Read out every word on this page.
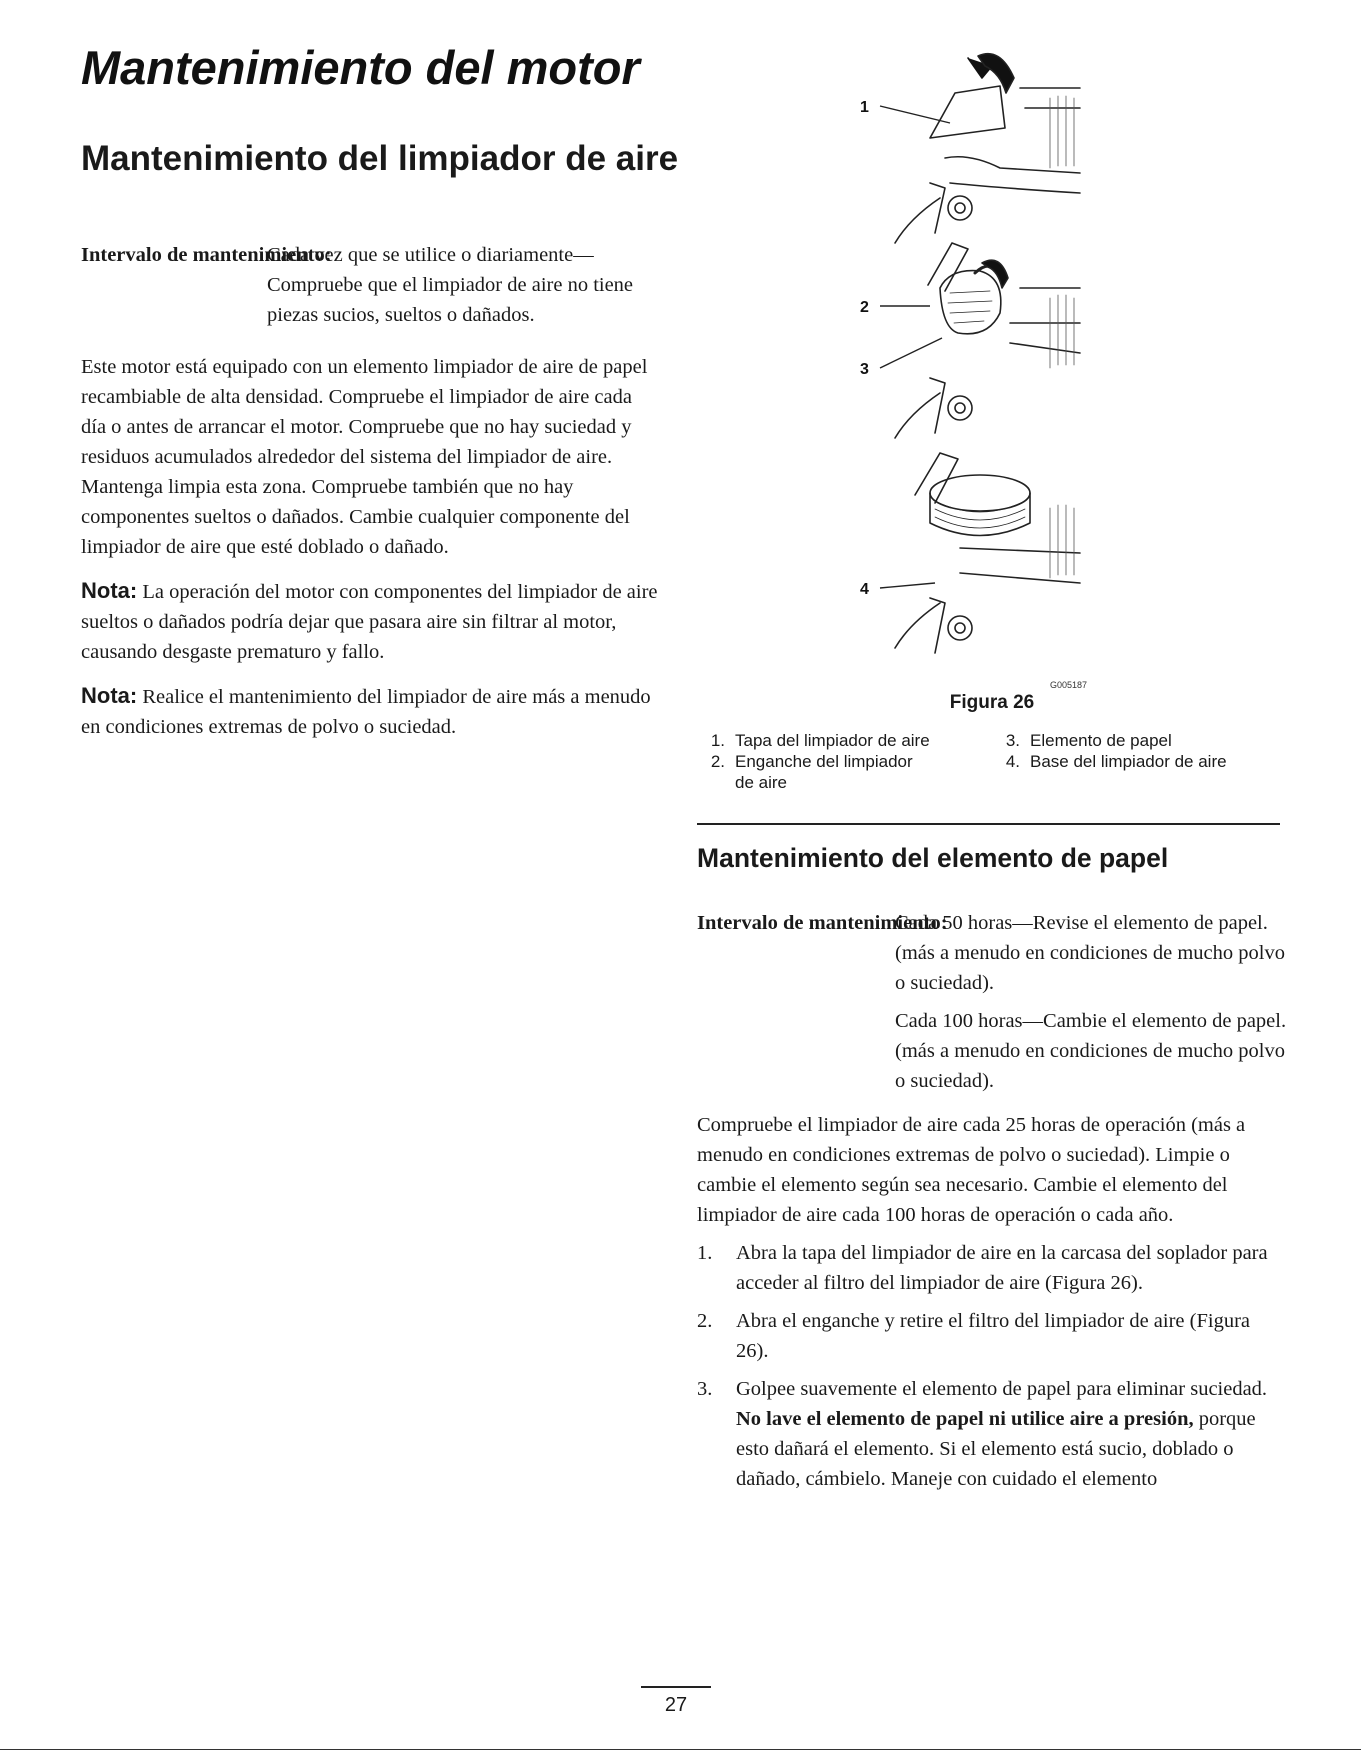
Mantenimiento del motor
Mantenimiento del limpiador de aire
Intervalo de mantenimiento:

Cada vez que se utilice o diariamente—Compruebe que el limpiador de aire no tiene piezas sucios, sueltos o dañados.

Este motor está equipado con un elemento limpiador de aire de papel recambiable de alta densidad. Compruebe el limpiador de aire cada día o antes de arrancar el motor. Compruebe que no hay suciedad y residuos acumulados alrededor del sistema del limpiador de aire. Mantenga limpia esta zona. Compruebe también que no hay componentes sueltos o dañados. Cambie cualquier componente del limpiador de aire que esté doblado o dañado.

Nota: La operación del motor con componentes del limpiador de aire sueltos o dañados podría dejar que pasara aire sin filtrar al motor, causando desgaste prematuro y fallo.

Nota: Realice el mantenimiento del limpiador de aire más a menudo en condiciones extremas de polvo o suciedad.

1
2
3
4
G005187
Figura 26
1. Tapa del limpiador de aire	3. Elemento de papel
2. Enganche del limpiador de aire
4. Base del limpiador de aire
Mantenimiento del elemento de papel
Intervalo de mantenimiento:

Cada 50 horas—Revise el elemento de papel. (más a menudo en condiciones de mucho polvo o suciedad).

Cada 100 horas—Cambie el elemento de papel. (más a menudo en condiciones de mucho polvo o suciedad).

Compruebe el limpiador de aire cada 25 horas de operación (más a menudo en condiciones extremas de polvo o suciedad). Limpie o cambie el elemento según sea necesario. Cambie el elemento del limpiador de aire cada 100 horas de operación o cada año.

1.	Abra la tapa del limpiador de aire en la carcasa del soplador para acceder al filtro del limpiador de aire (Figura 26).
2.	Abra el enganche y retire el filtro del limpiador de aire (Figura 26).
3.	Golpee suavemente el elemento de papel para eliminar suciedad. No lave el elemento de papel ni utilice aire a presión, porque esto dañará el elemento. Si el elemento está sucio, doblado o dañado, cámbielo. Maneje con cuidado el elemento
27
